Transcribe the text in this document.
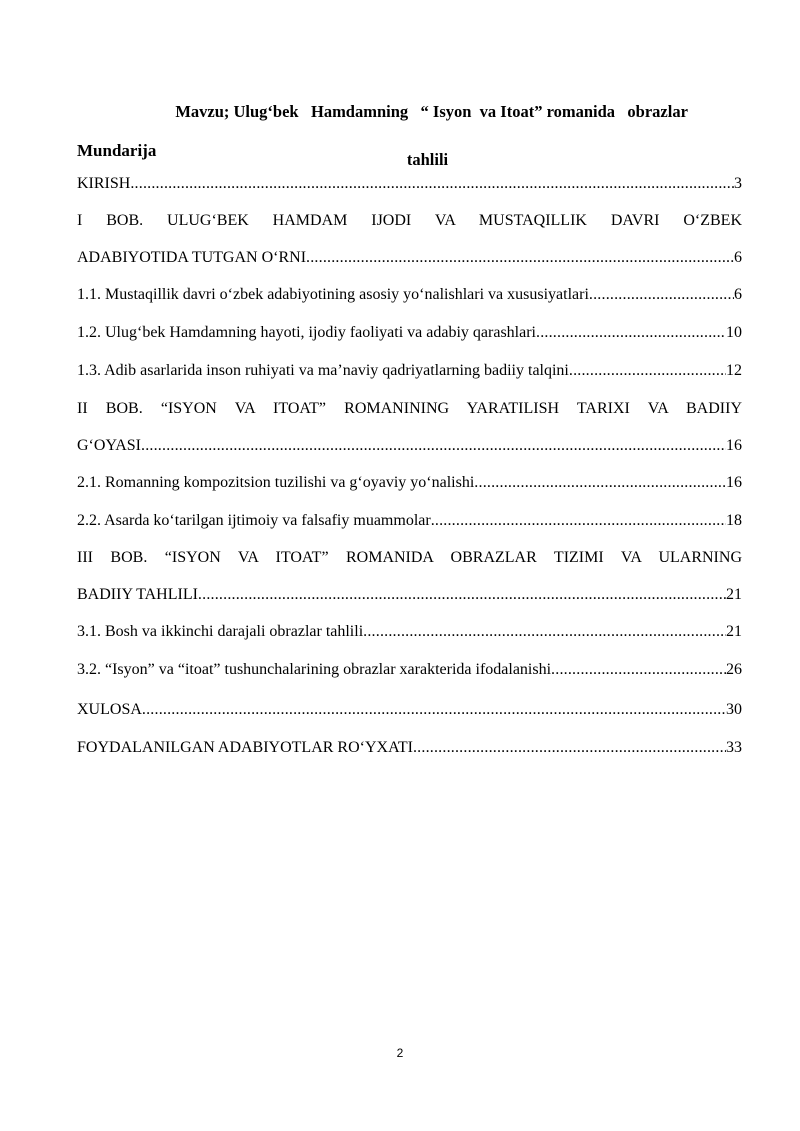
Mavzu; Ulug‘bek   Hamdamning   “ Isyon  va Itoat” romanida   obrazlar

tahlili

Mundarija
KIRISH .....	3
I BOB. ULUG‘BEK HAMDAM IJODI VA MUSTAQILLIK DAVRI O‘ZBEK
ADABIYOTIDA TUTGAN O‘RNI .....	6
1.1. Mustaqillik davri o‘zbek adabiyotining asosiy yo‘nalishlari va xususiyatlari .....	6
1.2. Ulug‘bek Hamdamning hayoti, ijodiy faoliyati va adabiy qarashlari .....	10
1.3. Adib asarlarida inson ruhiyati va ma’naviy qadriyatlarning badiiy talqini .....	12
II BOB. “ISYON VA ITOAT” ROMANINING YARATILISH TARIXI VA BADIIY
G‘OYASI .....	16
2.1. Romanning kompozitsion tuzilishi va g‘oyaviy yo‘nalishi .....	16
2.2. Asarda ko‘tarilgan ijtimoiy va falsafiy muammolar .....	18
III BOB. “ISYON VA ITOAT” ROMANIDA OBRAZLAR TIZIMI VA ULARNING
BADIIY TAHLILI .....	21
3.1. Bosh va ikkinchi darajali obrazlar tahlili .....	21
3.2. “Isyon” va “itoat” tushunchalarining obrazlar xarakterida ifodalanishi .....	26
XULOSA .....	30
FOYDALANILGAN ADABIYOTLAR RO‘YXATI .....	33
2
